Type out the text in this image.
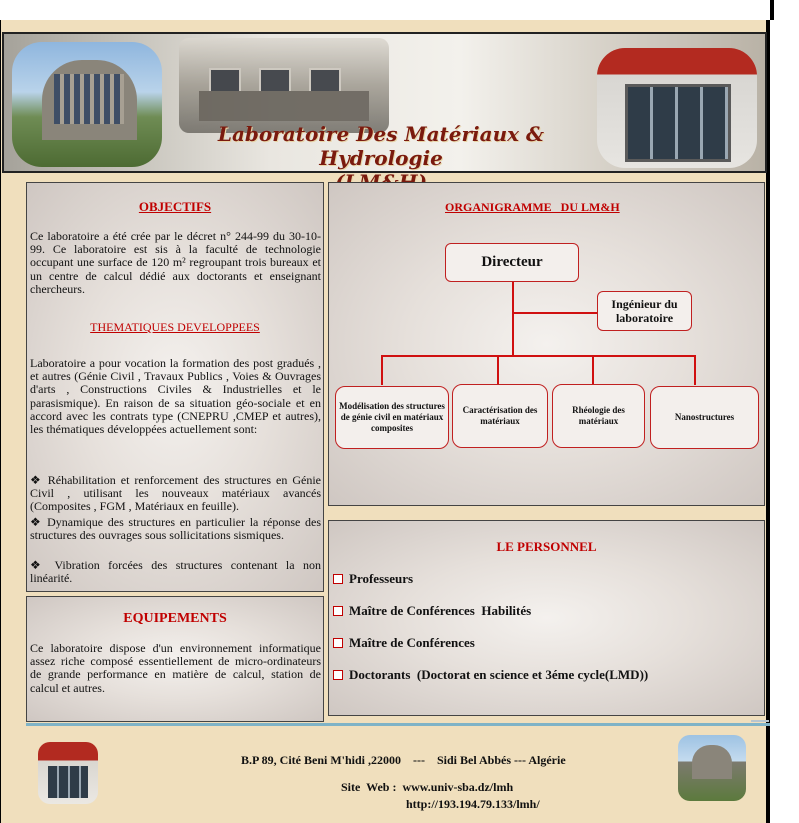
Laboratoire Des Matériaux & Hydrologie
OBJECTIFS
Ce laboratoire a été crée par le décret n° 244-99 du 30-10-99. Ce laboratoire est sis à la faculté de technologie occupant une surface de 120 m² regroupant trois bureaux et un centre de calcul dédié aux doctorants et enseignant chercheurs.
THEMATIQUES DEVELOPPEES
Laboratoire a pour vocation la formation des post gradués , et autres (Génie Civil , Travaux Publics , Voies & Ouvrages d'arts , Constructions Civiles & Industrielles et le parasismique). En raison de sa situation géo-sociale et en accord avec les contrats type (CNEPRU ,CMEP et autres), les thématiques développées actuellement sont:
❖ Réhabilitation et renforcement des structures en Génie Civil , utilisant les nouveaux matériaux avancés (Composites , FGM , Matériaux en feuille).
❖ Dynamique des structures en particulier la réponse des structures des ouvrages sous sollicitations sismiques.
❖ Vibration forcées des structures contenant la non linéarité.
EQUIPEMENTS
Ce laboratoire dispose d'un environnement informatique assez riche composé essentiellement de micro-ordinateurs de grande performance en matière de calcul, station de calcul et autres.
ORGANIGRAMME   DU LM&H
Directeur
Ingénieur du laboratoire
Modélisation des structures de génie civil en matériaux composites
Caractérisation des matériaux
Rhéologie des matériaux	Nanostructures
LE PERSONNEL
Professeurs
Maître de Conférences  Habilités
Maître de Conférences
Doctorants  (Doctorat en science et 3éme cycle(LMD))
B.P 89, Cité Beni M'hidi ,22000    ---    Sidi Bel Abbés --- Algérie
Site  Web :  www.univ-sba.dz/lmh
http://193.194.79.133/lmh/
